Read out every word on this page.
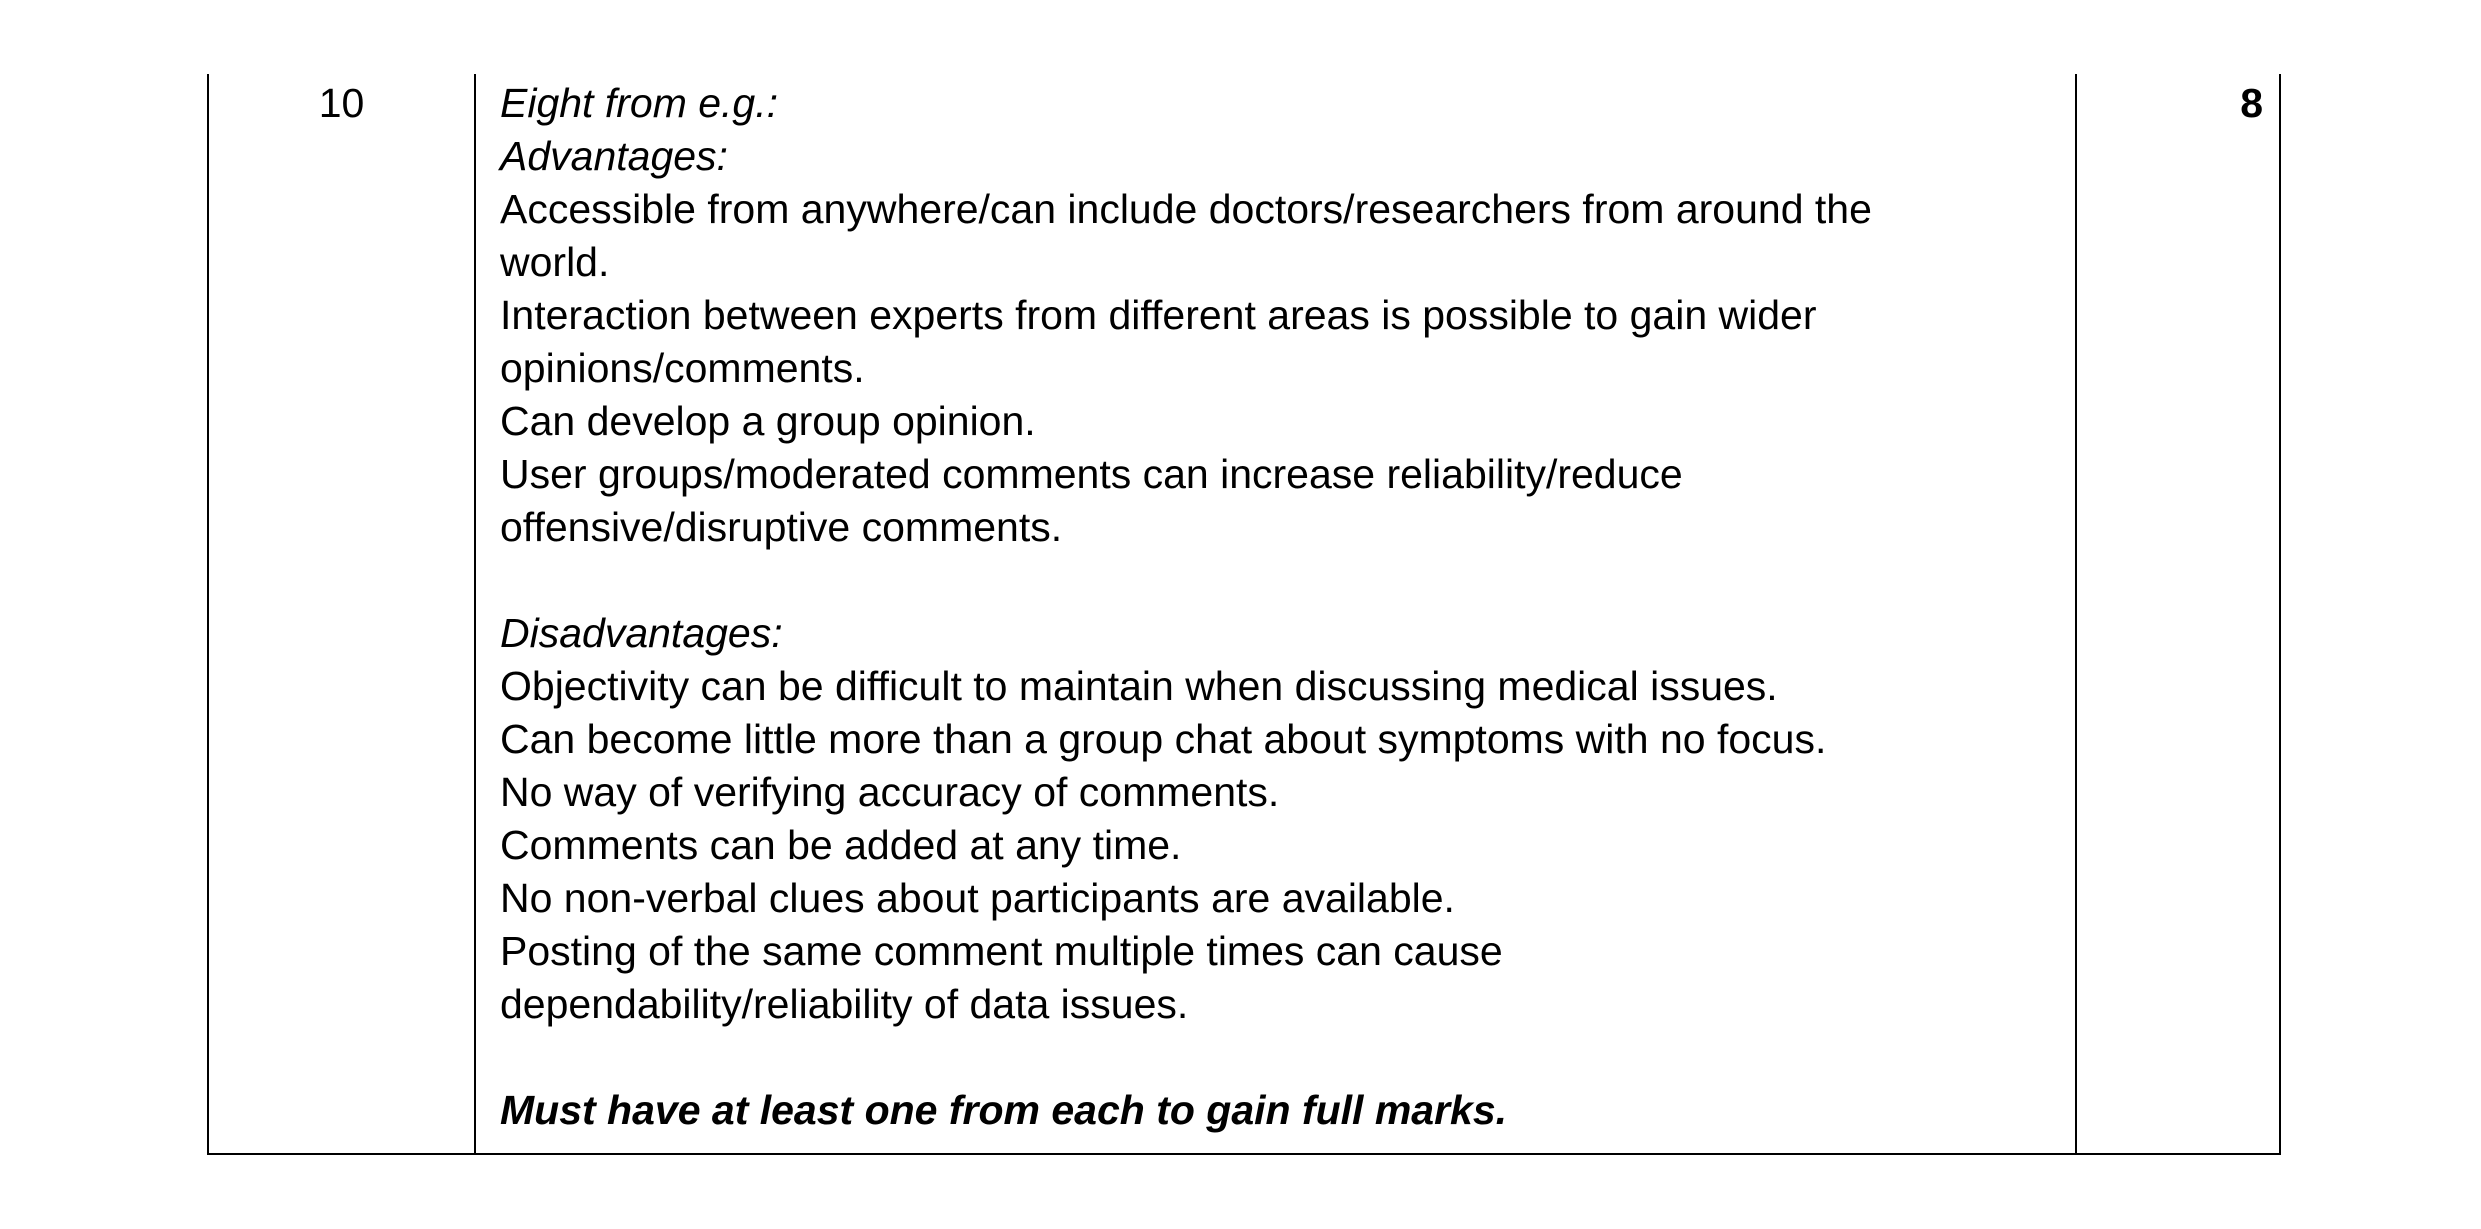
10	Eight from e.g.:
Advantages:
Accessible from anywhere/can include doctors/researchers from around the
world.
Interaction between experts from different areas is possible to gain wider
opinions/comments.
Can develop a group opinion.
User groups/moderated comments can increase reliability/reduce
offensive/disruptive comments.
Disadvantages:
Objectivity can be difficult to maintain when discussing medical issues.
Can become little more than a group chat about symptoms with no focus.
No way of verifying accuracy of comments.
Comments can be added at any time.
No non-verbal clues about participants are available.
Posting of the same comment multiple times can cause
dependability/reliability of data issues.
Must have at least one from each to gain full marks.
8
